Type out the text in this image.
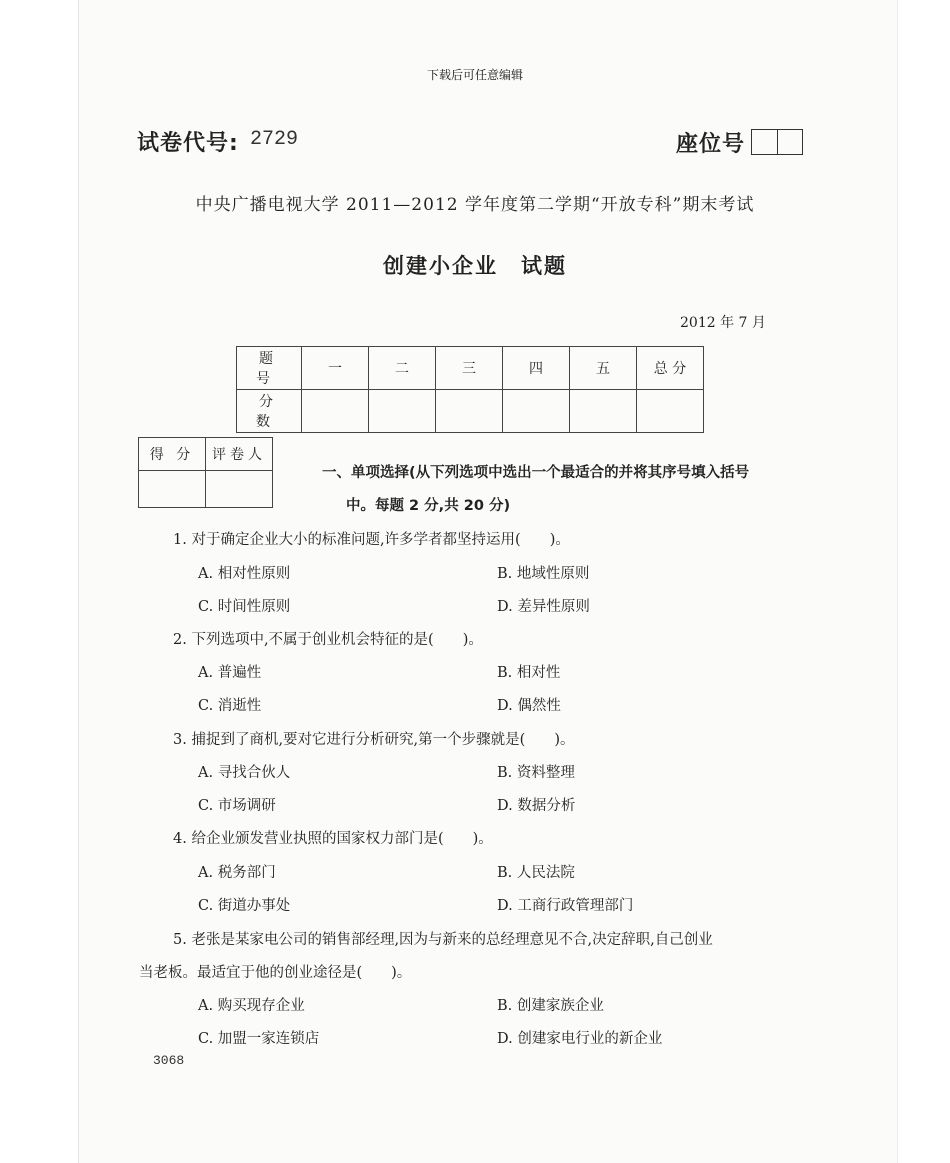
下载后可任意编辑
试卷代号: 2729	座位号
中央广播电视大学 2011—2012 学年度第二学期“开放专科”期末考试
创建小企业　试题
2012 年 7 月
题 号	一	二	三	四	五	总 分
分 数						
得 分	评卷人

一、单项选择(从下列选项中选出一个最适合的并将其序号填入括号
中。每题 2 分,共 20 分)
1. 对于确定企业大小的标准问题,许多学者都坚持运用(　　)。
A. 相对性原则	B. 地域性原则
C. 时间性原则	D. 差异性原则
2. 下列选项中,不属于创业机会特征的是(　　)。
A. 普遍性	B. 相对性
C. 消逝性	D. 偶然性
3. 捕捉到了商机,要对它进行分析研究,第一个步骤就是(　　)。
A. 寻找合伙人	B. 资料整理
C. 市场调研	D. 数据分析
4. 给企业颁发营业执照的国家权力部门是(　　)。
A. 税务部门	B. 人民法院
C. 街道办事处	D. 工商行政管理部门
5. 老张是某家电公司的销售部经理,因为与新来的总经理意见不合,决定辞职,自己创业
当老板。最适宜于他的创业途径是(　　)。
A. 购买现存企业	B. 创建家族企业
C. 加盟一家连锁店	D. 创建家电行业的新企业
3068
